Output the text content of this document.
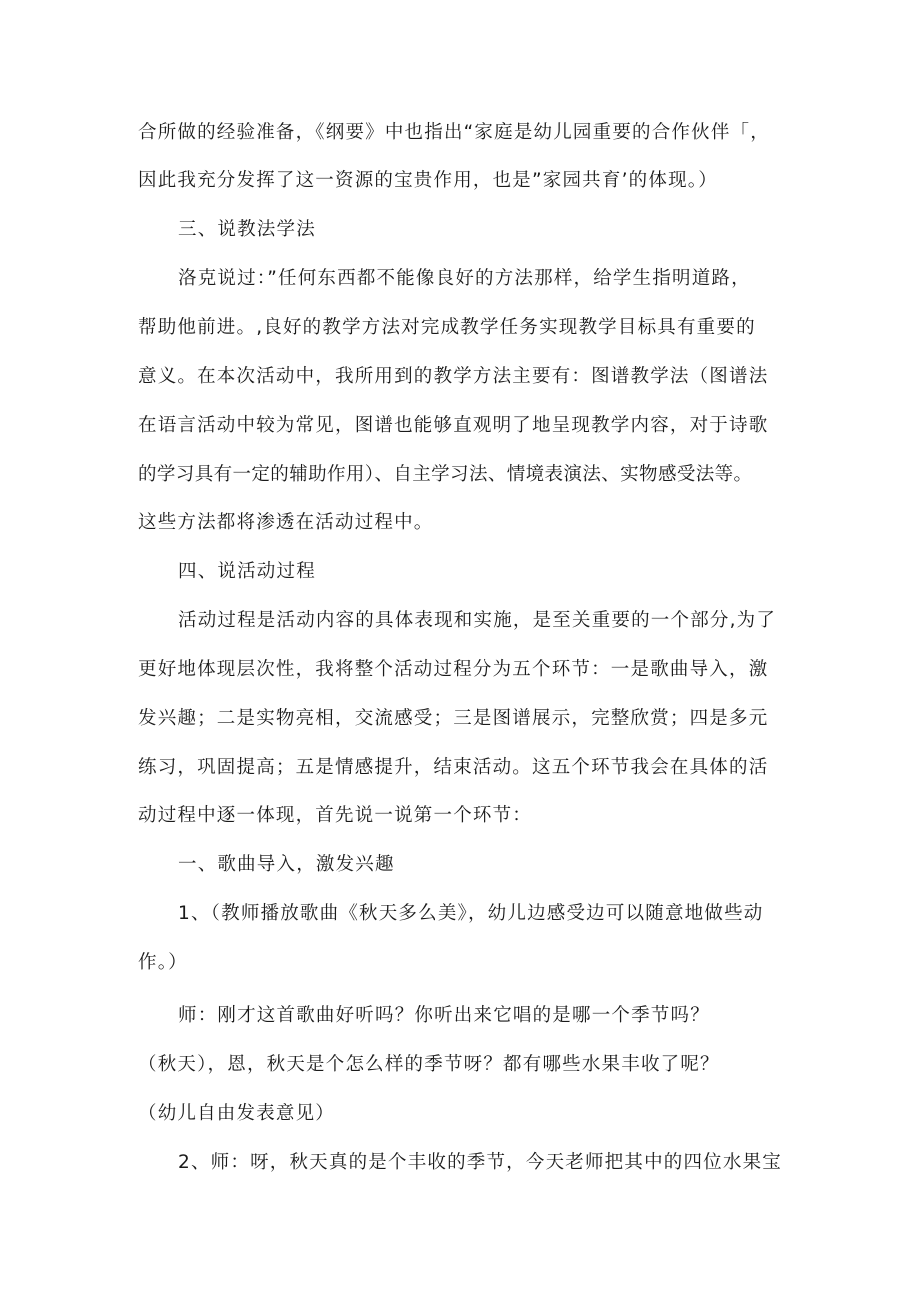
合所做的经验准备，《纲要》中也指出“家庭是幼儿园重要的合作伙伴「，
因此我充分发挥了这一资源的宝贵作用，也是”家园共育’的体现。）
三、说教法学法
洛克说过：”任何东西都不能像良好的方法那样，给学生指明道路，
帮助他前进。,良好的教学方法对完成教学任务实现教学目标具有重要的
意义。在本次活动中，我所用到的教学方法主要有：图谱教学法（图谱法
在语言活动中较为常见，图谱也能够直观明了地呈现教学内容，对于诗歌
的学习具有一定的辅助作用）、自主学习法、情境表演法、实物感受法等。
这些方法都将渗透在活动过程中。
四、说活动过程
活动过程是活动内容的具体表现和实施，是至关重要的一个部分,为了
更好地体现层次性，我将整个活动过程分为五个环节：一是歌曲导入，激
发兴趣；二是实物亮相，交流感受；三是图谱展示，完整欣赏；四是多元
练习，巩固提高；五是情感提升，结束活动。这五个环节我会在具体的活
动过程中逐一体现，首先说一说第一个环节：
一、歌曲导入，激发兴趣
1、（教师播放歌曲《秋天多么美》，幼儿边感受边可以随意地做些动
作。）
师：刚才这首歌曲好听吗？你听出来它唱的是哪一个季节吗？
（秋天），恩，秋天是个怎么样的季节呀？都有哪些水果丰收了呢？
（幼儿自由发表意见）
2、师：呀，秋天真的是个丰收的季节，今天老师把其中的四位水果宝
